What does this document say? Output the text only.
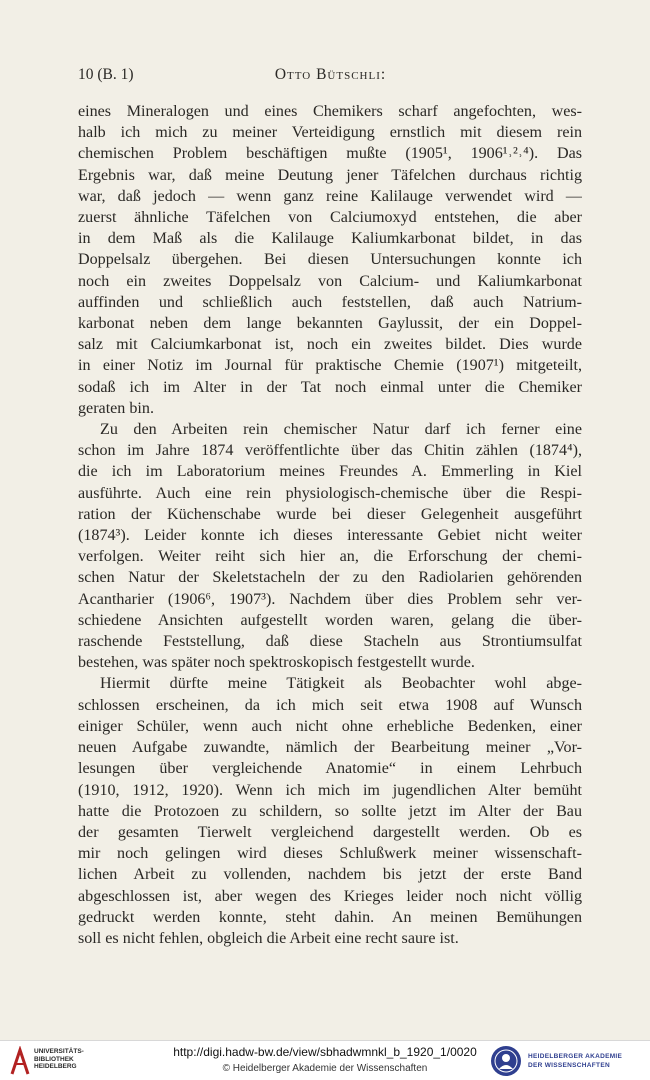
10 (B. 1)	Otto Bütschli:
eines Mineralogen und eines Chemikers scharf angefochten, wes-
halb ich mich zu meiner Verteidigung ernstlich mit diesem rein
chemischen Problem beschäftigen mußte (1905¹, 1906¹˒²˒⁴). Das
Ergebnis war, daß meine Deutung jener Täfelchen durchaus richtig
war, daß jedoch — wenn ganz reine Kalilauge verwendet wird —
zuerst ähnliche Täfelchen von Calciumoxyd entstehen, die aber
in dem Maß als die Kalilauge Kaliumkarbonat bildet, in das
Doppelsalz übergehen. Bei diesen Untersuchungen konnte ich
noch ein zweites Doppelsalz von Calcium- und Kaliumkarbonat
auffinden und schließlich auch feststellen, daß auch Natrium-
karbonat neben dem lange bekannten Gaylussit, der ein Doppel-
salz mit Calciumkarbonat ist, noch ein zweites bildet. Dies wurde
in einer Notiz im Journal für praktische Chemie (1907¹) mitgeteilt,
sodaß ich im Alter in der Tat noch einmal unter die Chemiker
geraten bin.
Zu den Arbeiten rein chemischer Natur darf ich ferner eine
schon im Jahre 1874 veröffentlichte über das Chitin zählen (1874⁴),
die ich im Laboratorium meines Freundes A. Emmerling in Kiel
ausführte. Auch eine rein physiologisch-chemische über die Respi-
ration der Küchenschabe wurde bei dieser Gelegenheit ausgeführt
(1874³). Leider konnte ich dieses interessante Gebiet nicht weiter
verfolgen. Weiter reiht sich hier an, die Erforschung der chemi-
schen Natur der Skeletstacheln der zu den Radiolarien gehörenden
Acantharier (1906⁶, 1907³). Nachdem über dies Problem sehr ver-
schiedene Ansichten aufgestellt worden waren, gelang die über-
raschende Feststellung, daß diese Stacheln aus Strontiumsulfat
bestehen, was später noch spektroskopisch festgestellt wurde.
Hiermit dürfte meine Tätigkeit als Beobachter wohl abge-
schlossen erscheinen, da ich mich seit etwa 1908 auf Wunsch
einiger Schüler, wenn auch nicht ohne erhebliche Bedenken, einer
neuen Aufgabe zuwandte, nämlich der Bearbeitung meiner „Vor-
lesungen über vergleichende Anatomie“ in einem Lehrbuch
(1910, 1912, 1920). Wenn ich mich im jugendlichen Alter bemüht
hatte die Protozoen zu schildern, so sollte jetzt im Alter der Bau
der gesamten Tierwelt vergleichend dargestellt werden. Ob es
mir noch gelingen wird dieses Schlußwerk meiner wissenschaft-
lichen Arbeit zu vollenden, nachdem bis jetzt der erste Band
abgeschlossen ist, aber wegen des Krieges leider noch nicht völlig
gedruckt werden konnte, steht dahin. An meinen Bemühungen
soll es nicht fehlen, obgleich die Arbeit eine recht saure ist.
UNIVERSITÄTS-
BIBLIOTHEK
HEIDELBERG
http://digi.hadw-bw.de/view/sbhadwmnkl_b_1920_1/0020
© Heidelberger Akademie der Wissenschaften
HEIDELBERGER AKADEMIE
DER WISSENSCHAFTEN
